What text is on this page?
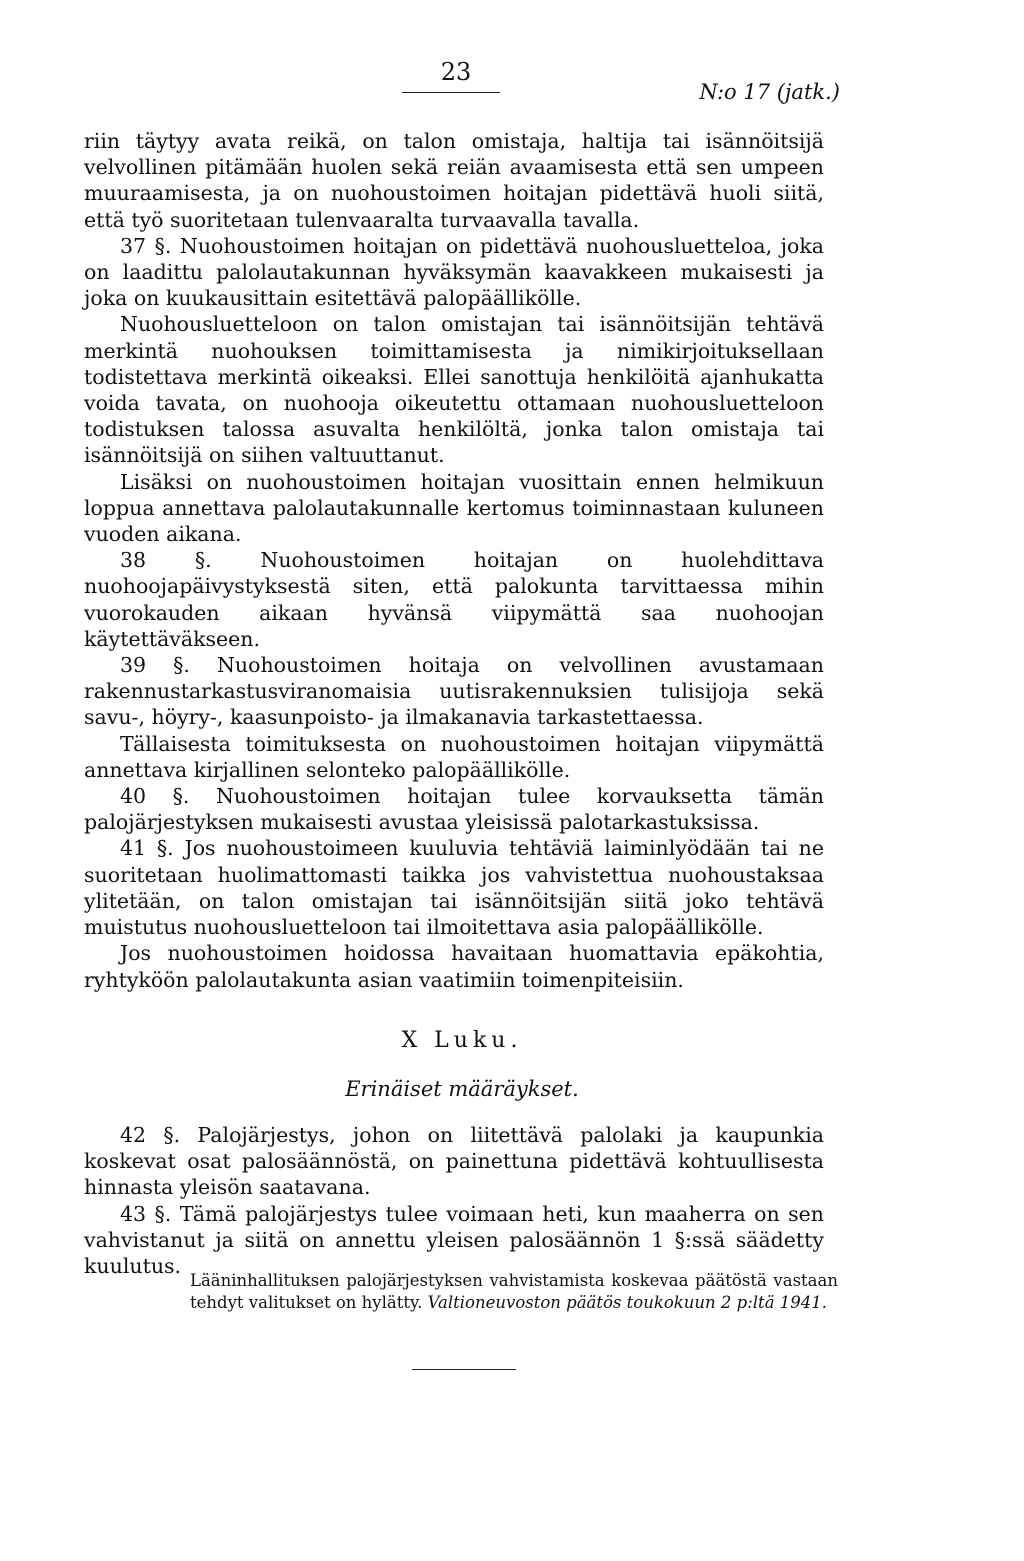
23
N:o 17 (jatk.)

riin täytyy avata reikä, on talon omistaja, haltija tai isännöitsijä velvollinen pitämään huolen sekä reiän avaamisesta että sen umpeen muuraamisesta, ja on nuohoustoimen hoitajan pidettävä huoli siitä, että työ suoritetaan tulenvaaralta turvaavalla tavalla.

37 §. Nuohoustoimen hoitajan on pidettävä nuohousluetteloa, joka on laadittu palolautakunnan hyväksymän kaavakkeen mukaisesti ja joka on kuukausittain esitettävä palopäällikölle.

Nuohousluetteloon on talon omistajan tai isännöitsijän tehtävä merkintä nuohouksen toimittamisesta ja nimikirjoituksellaan todistettava merkintä oikeaksi. Ellei sanottuja henkilöitä ajanhukatta voida tavata, on nuohooja oikeutettu ottamaan nuohousluetteloon todistuksen talossa asuvalta henkilöltä, jonka talon omistaja tai isännöitsijä on siihen valtuuttanut.

Lisäksi on nuohoustoimen hoitajan vuosittain ennen helmikuun loppua annettava palolautakunnalle kertomus toiminnastaan kuluneen vuoden aikana.

38 §. Nuohoustoimen hoitajan on huolehdittava nuohoojapäivystyksestä siten, että palokunta tarvittaessa mihin vuorokauden aikaan hyvänsä viipymättä saa nuohoojan käytettäväkseen.

39 §. Nuohoustoimen hoitaja on velvollinen avustamaan rakennustarkastusviranomaisia uutisrakennuksien tulisijoja sekä savu-, höyry-, kaasunpoisto- ja ilmakanavia tarkastettaessa.

Tällaisesta toimituksesta on nuohoustoimen hoitajan viipymättä annettava kirjallinen selonteko palopäällikölle.

40 §. Nuohoustoimen hoitajan tulee korvauksetta tämän palojärjestyksen mukaisesti avustaa yleisissä palotarkastuksissa.

41 §. Jos nuohoustoimeen kuuluvia tehtäviä laiminlyödään tai ne suoritetaan huolimattomasti taikka jos vahvistettua nuohoustaksaa ylitetään, on talon omistajan tai isännöitsijän siitä joko tehtävä muistutus nuohousluetteloon tai ilmoitettava asia palopäällikölle.

Jos nuohoustoimen hoidossa havaitaan huomattavia epäkohtia, ryhtyköön palolautakunta asian vaatimiin toimenpiteisiin.

X Luku.
Erinäiset määräykset.

42 §. Palojärjestys, johon on liitettävä palolaki ja kaupunkia koskevat osat palosäännöstä, on painettuna pidettävä kohtuullisesta hinnasta yleisön saatavana.

43 §. Tämä palojärjestys tulee voimaan heti, kun maaherra on sen vahvistanut ja siitä on annettu yleisen palosäännön 1 §:ssä säädetty kuulutus.

Lääninhallituksen palojärjestyksen vahvistamista koskevaa päätöstä vastaan tehdyt valitukset on hylätty. Valtioneuvoston päätös toukokuun 2 p:ltä 1941.
